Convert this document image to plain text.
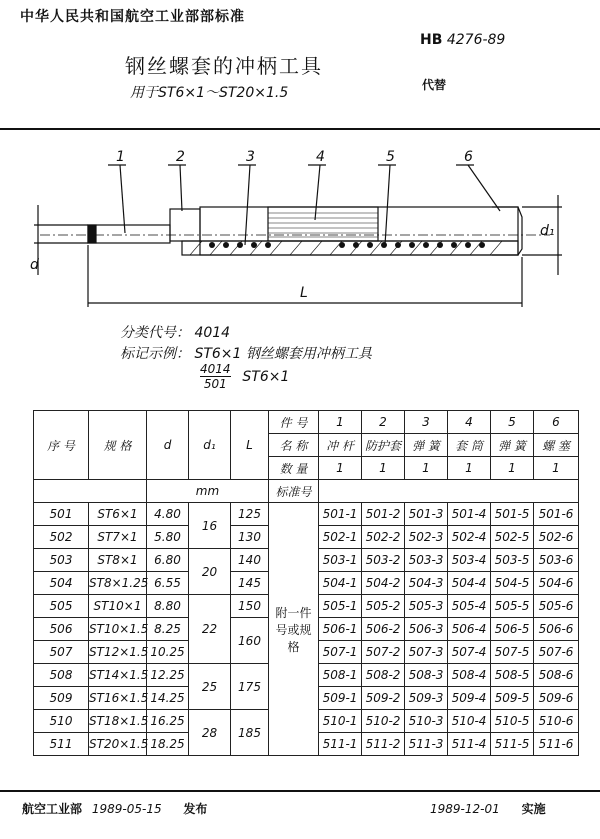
中华人民共和国航空工业部部标准
HB 4276-89
钢丝螺套的冲柄工具
用于ST6×1～ST20×1.5	代替
1	2	3	4	5	6
d
d₁
L
分类代号： 4014
标记示例： ST6×1 钢丝螺套用冲柄工具
$\frac{4014}{501} ST6\times 1$
序 号	规 格	d	d₁	L	件 号	1	2	3	4	5	6
					名 称	冲 杆	防护套	弹 簧	套 筒	弹 簧	螺 塞
					数 量	1	1	1	1	1	1
		mm			标准号						
501	ST6×1	4.80	16	125	附一件号或规格	501-1	501-2	501-3	501-4	501-5	501-6
502	ST7×1	5.80		130		502-1	502-2	502-3	502-4	502-5	502-6
503	ST8×1	6.80	20	140		503-1	503-2	503-3	503-4	503-5	503-6
504	ST8×1.25	6.55		145		504-1	504-2	504-3	504-4	504-5	504-6
505	ST10×1	8.80	22	150		505-1	505-2	505-3	505-4	505-5	505-6
506	ST10×1.5	8.25		160		506-1	506-2	506-3	506-4	506-5	506-6
507	ST12×1.5	10.25				507-1	507-2	507-3	507-4	507-5	507-6
508	ST14×1.5	12.25	25	175		508-1	508-2	508-3	508-4	508-5	508-6
509	ST16×1.5	14.25				509-1	509-2	509-3	509-4	509-5	509-6
510	ST18×1.5	16.25	28	185		510-1	510-2	510-3	510-4	510-5	510-6
511	ST20×1.5	18.25				511-1	511-2	511-3	511-4	511-5	511-6
航空工业部 1989-05-15 发布	1989-12-01 实施
